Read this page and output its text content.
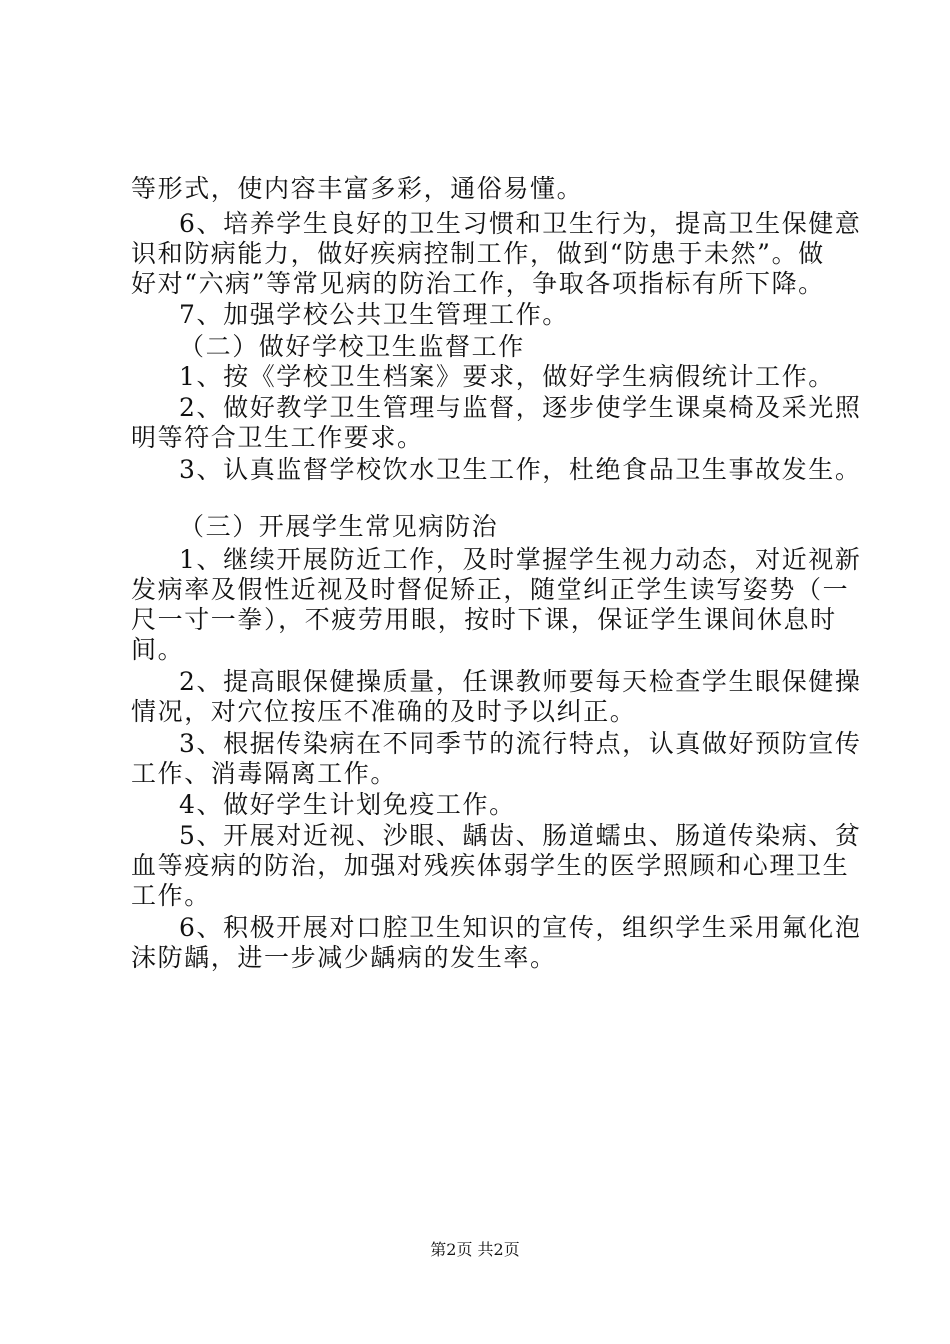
等形式，使内容丰富多彩，通俗易懂。
6、培养学生良好的卫生习惯和卫生行为，提高卫生保健意
识和防病能力，做好疾病控制工作，做到“防患于未然”。做
好对“六病”等常见病的防治工作，争取各项指标有所下降。
7、加强学校公共卫生管理工作。
（二）做好学校卫生监督工作
1、按《学校卫生档案》要求，做好学生病假统计工作。
2、做好教学卫生管理与监督，逐步使学生课桌椅及采光照
明等符合卫生工作要求。
3、认真监督学校饮水卫生工作，杜绝食品卫生事故发生。
（三）开展学生常见病防治
1、继续开展防近工作，及时掌握学生视力动态，对近视新
发病率及假性近视及时督促矫正，随堂纠正学生读写姿势（一
尺一寸一拳），不疲劳用眼，按时下课，保证学生课间休息时
间。
2、提高眼保健操质量，任课教师要每天检查学生眼保健操
情况，对穴位按压不准确的及时予以纠正。
3、根据传染病在不同季节的流行特点，认真做好预防宣传
工作、消毒隔离工作。
4、做好学生计划免疫工作。
5、开展对近视、沙眼、龋齿、肠道蠕虫、肠道传染病、贫
血等疫病的防治，加强对残疾体弱学生的医学照顾和心理卫生
工作。
6、积极开展对口腔卫生知识的宣传，组织学生采用氟化泡
沫防龋，进一步减少龋病的发生率。
第2页 共2页
